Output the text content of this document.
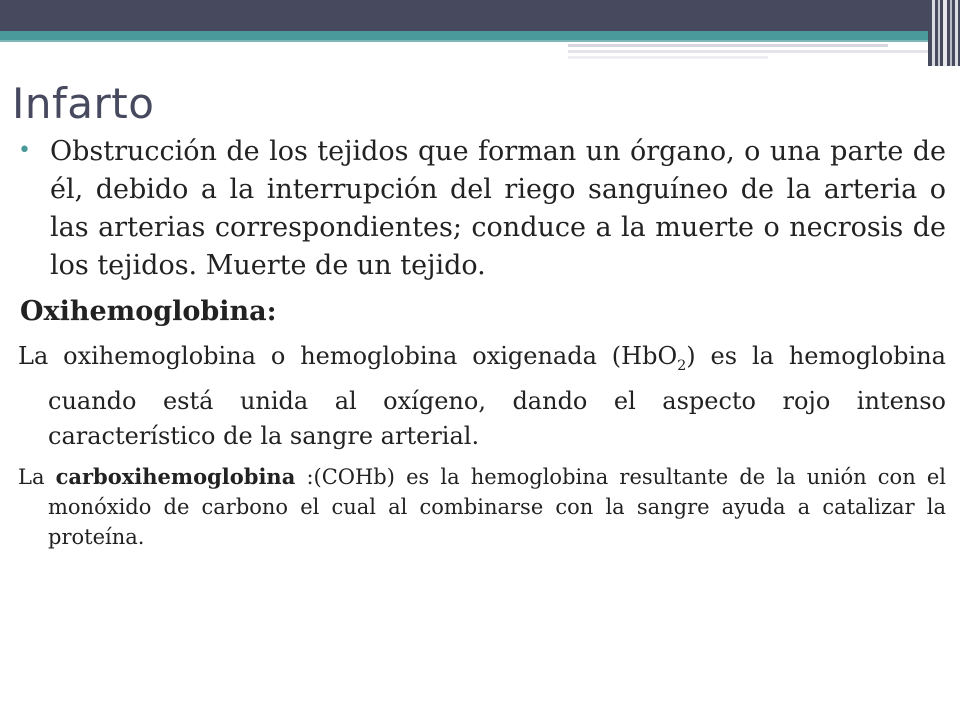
Infarto

• Obstrucción de los tejidos que forman un órgano, o una parte de él, debido a la interrupción del riego sanguíneo de la arteria o las arterias correspondientes; conduce a la muerte o necrosis de los tejidos. Muerte de un tejido.

Oxihemoglobina:

La oxihemoglobina o hemoglobina oxigenada (HbO$_2$) es la hemoglobina cuando está unida al oxígeno, dando el aspecto rojo intenso característico de la sangre arterial.

La carboxihemoglobina :(COHb) es la hemoglobina resultante de la unión con el monóxido de carbono el cual al combinarse con la sangre ayuda a catalizar la proteína.
